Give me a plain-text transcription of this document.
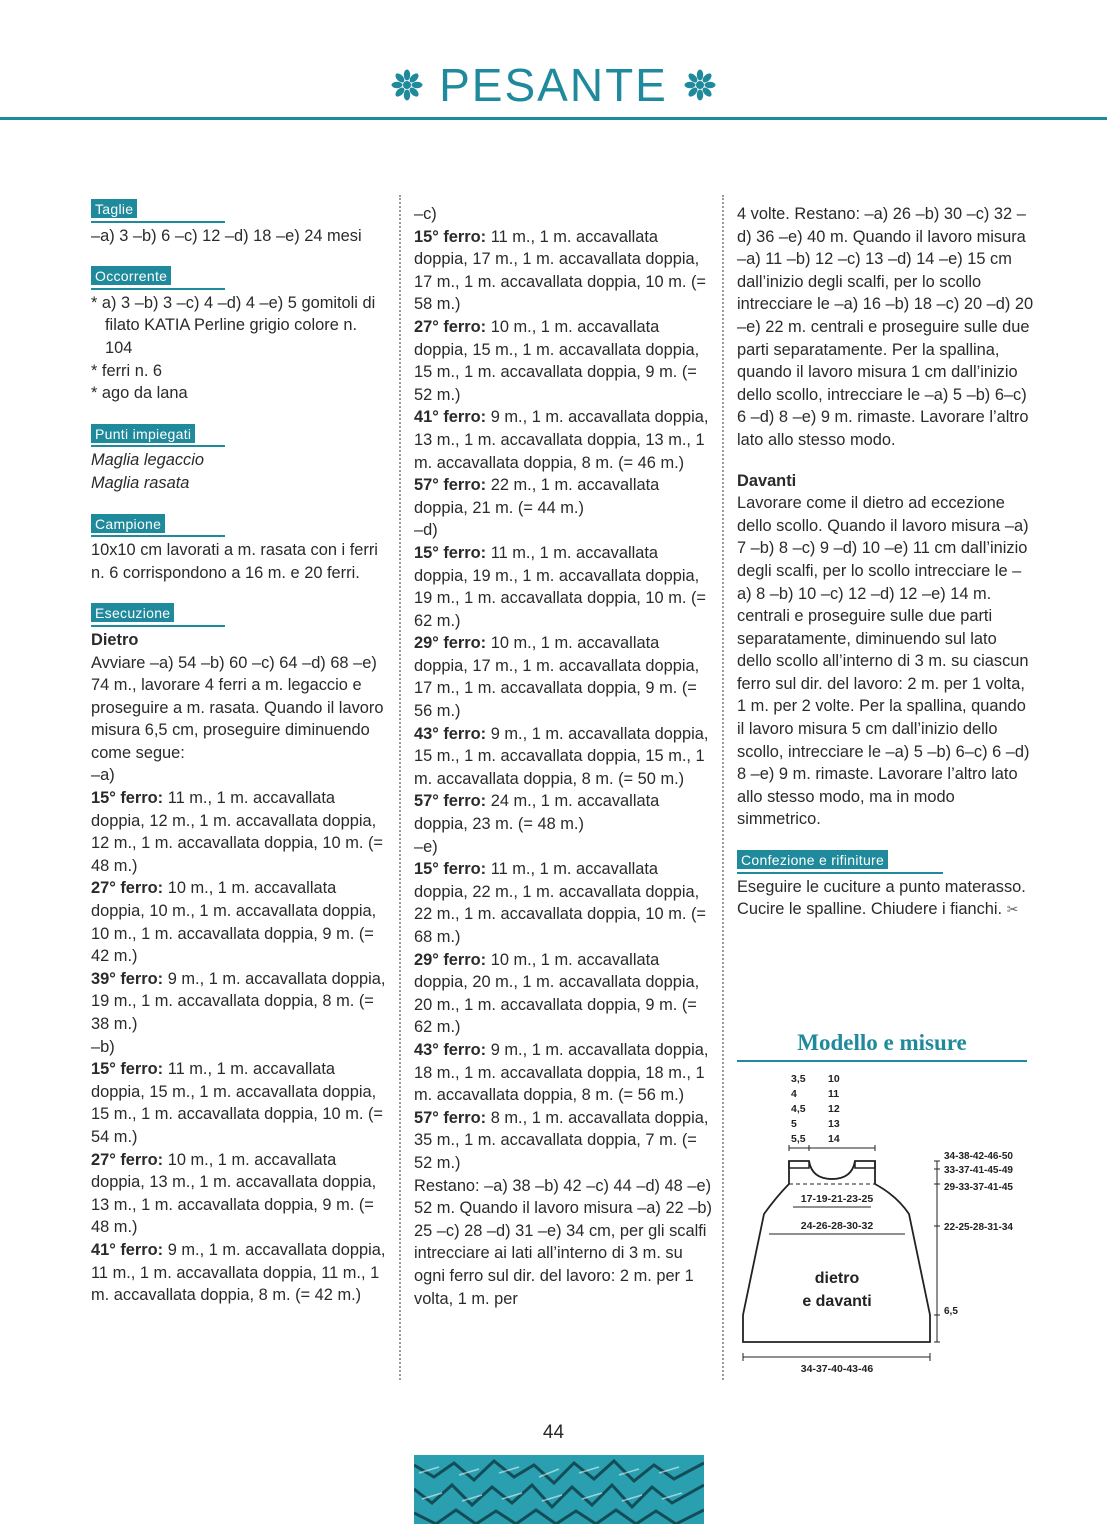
PESANTE
Taglie

–a) 3 –b) 6 –c) 12 –d) 18 –e) 24 mesi

Occorrente

* a) 3 –b) 3 –c) 4 –d) 4 –e) 5 gomitoli di filato KATIA Perline grigio colore n. 104

* ferri n. 6

* ago da lana

Punti impiegati

Maglia legaccio

Maglia rasata

Campione

10x10 cm lavorati a m. rasata con i ferri n. 6 corrispondono a 16 m. e 20 ferri.

Esecuzione

Dietro

Avviare –a) 54 –b) 60 –c) 64 –d) 68 –e) 74 m., lavorare 4 ferri a m. legaccio e proseguire a m. rasata. Quando il lavoro misura 6,5 cm, proseguire diminuendo come segue:

–a)

15° ferro: 11 m., 1 m. accavallata doppia, 12 m., 1 m. accavallata doppia, 12 m., 1 m. accavallata doppia, 10 m. (= 48 m.)

27° ferro: 10 m., 1 m. accavallata doppia, 10 m., 1 m. accavallata doppia, 10 m., 1 m. accavallata doppia, 9 m. (= 42 m.)

39° ferro: 9 m., 1 m. accavallata doppia, 19 m., 1 m. accavallata doppia, 8 m. (= 38 m.)

–b)

15° ferro: 11 m., 1 m. accavallata doppia, 15 m., 1 m. accavallata doppia, 15 m., 1 m. accavallata doppia, 10 m. (= 54 m.)

27° ferro: 10 m., 1 m. accavallata doppia, 13 m., 1 m. accavallata doppia, 13 m., 1 m. accavallata doppia, 9 m. (= 48 m.)

41° ferro: 9 m., 1 m. accavallata doppia, 11 m., 1 m. accavallata doppia, 11 m., 1 m. accavallata doppia, 8 m. (= 42 m.)

–c)

15° ferro: 11 m., 1 m. accavallata doppia, 17 m., 1 m. accavallata doppia, 17 m., 1 m. accavallata doppia, 10 m. (= 58 m.)

27° ferro: 10 m., 1 m. accavallata doppia, 15 m., 1 m. accavallata doppia, 15 m., 1 m. accavallata doppia, 9 m. (= 52 m.)

41° ferro: 9 m., 1 m. accavallata doppia, 13 m., 1 m. accavallata doppia, 13 m., 1 m. accavallata doppia, 8 m. (= 46 m.)

57° ferro: 22 m., 1 m. accavallata doppia, 21 m. (= 44 m.)

–d)

15° ferro: 11 m., 1 m. accavallata doppia, 19 m., 1 m. accavallata doppia, 19 m., 1 m. accavallata doppia, 10 m. (= 62 m.)

29° ferro: 10 m., 1 m. accavallata doppia, 17 m., 1 m. accavallata doppia, 17 m., 1 m. accavallata doppia, 9 m. (= 56 m.)

43° ferro: 9 m., 1 m. accavallata doppia, 15 m., 1 m. accavallata doppia, 15 m., 1 m. accavallata doppia, 8 m. (= 50 m.)

57° ferro: 24 m., 1 m. accavallata doppia, 23 m. (= 48 m.)

–e)

15° ferro: 11 m., 1 m. accavallata doppia, 22 m., 1 m. accavallata doppia, 22 m., 1 m. accavallata doppia, 10 m. (= 68 m.)

29° ferro: 10 m., 1 m. accavallata doppia, 20 m., 1 m. accavallata doppia, 20 m., 1 m. accavallata doppia, 9 m. (= 62 m.)

43° ferro: 9 m., 1 m. accavallata doppia, 18 m., 1 m. accavallata doppia, 18 m., 1 m. accavallata doppia, 8 m. (= 56 m.)

57° ferro: 8 m., 1 m. accavallata doppia, 35 m., 1 m. accavallata doppia, 7 m. (= 52 m.)

Restano: –a) 38 –b) 42 –c) 44 –d) 48 –e) 52 m. Quando il lavoro misura –a) 22 –b) 25 –c) 28 –d) 31 –e) 34 cm, per gli scalfi intrecciare ai lati all’interno di 3 m. su ogni ferro sul dir. del lavoro: 2 m. per 1 volta, 1 m. per

4 volte. Restano: –a) 26 –b) 30 –c) 32 –d) 36 –e) 40 m. Quando il lavoro misura –a) 11 –b) 12 –c) 13 –d) 14 –e) 15 cm dall’inizio degli scalfi, per lo scollo intrecciare le –a) 16 –b) 18 –c) 20 –d) 20 –e) 22 m. centrali e proseguire sulle due parti separatamente. Per la spallina, quando il lavoro misura 1 cm dall’inizio dello scollo, intrecciare le –a) 5 –b) 6–c) 6 –d) 8 –e) 9 m. rimaste. Lavorare l’altro lato allo stesso modo.

Davanti

Lavorare come il dietro ad eccezione dello scollo. Quando il lavoro misura –a) 7 –b) 8 –c) 9 –d) 10 –e) 11 cm dall’inizio degli scalfi, per lo scollo intrecciare le –a) 8 –b) 10 –c) 12 –d) 12 –e) 14 m. centrali e proseguire sulle due parti separatamente, diminuendo sul lato dello scollo all’interno di 3 m. su ciascun ferro sul dir. del lavoro: 2 m. per 1 volta, 1 m. per 2 volte. Per la spallina, quando il lavoro misura 5 cm dall’inizio dello scollo, intrecciare le –a) 5 –b) 6–c) 6 –d) 8 –e) 9 m. rimaste. Lavorare l’altro lato allo stesso modo, ma in modo simmetrico.

Confezione e rifiniture

Eseguire le cuciture a punto materasso. Cucire le spalline. Chiudere i fianchi. ✂

Modello e misure
3,5
4
4,5
5
5,5
10
11
12
13
14
17-19-21-23-25
24-26-28-30-32
dietro
e davanti
34-37-40-43-46
34-38-42-46-50
33-37-41-45-49
29-33-37-41-45
22-25-28-31-34
6,5
44
